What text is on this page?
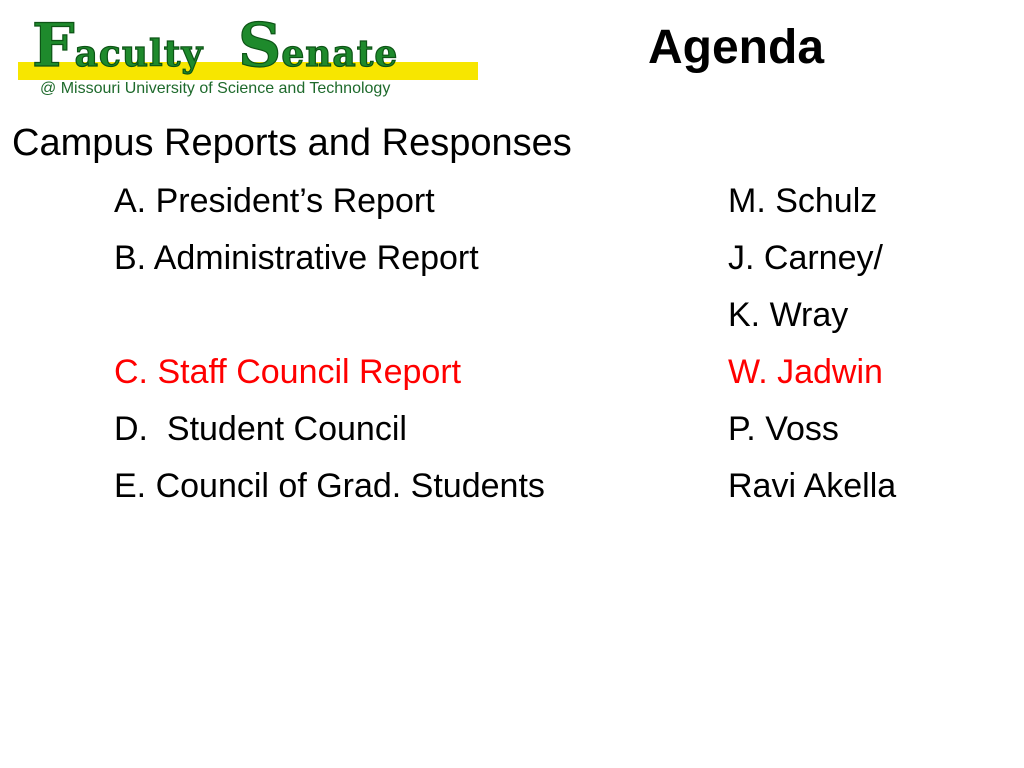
Faculty Senate
@ Missouri University of Science and Technology
Agenda
Campus Reports and Responses
A. President’s Report	M. Schulz
B. Administrative Report	J. Carney/
K. Wray
C. Staff Council Report	W. Jadwin
D.  Student Council	P. Voss
E. Council of Grad. Students	Ravi Akella
